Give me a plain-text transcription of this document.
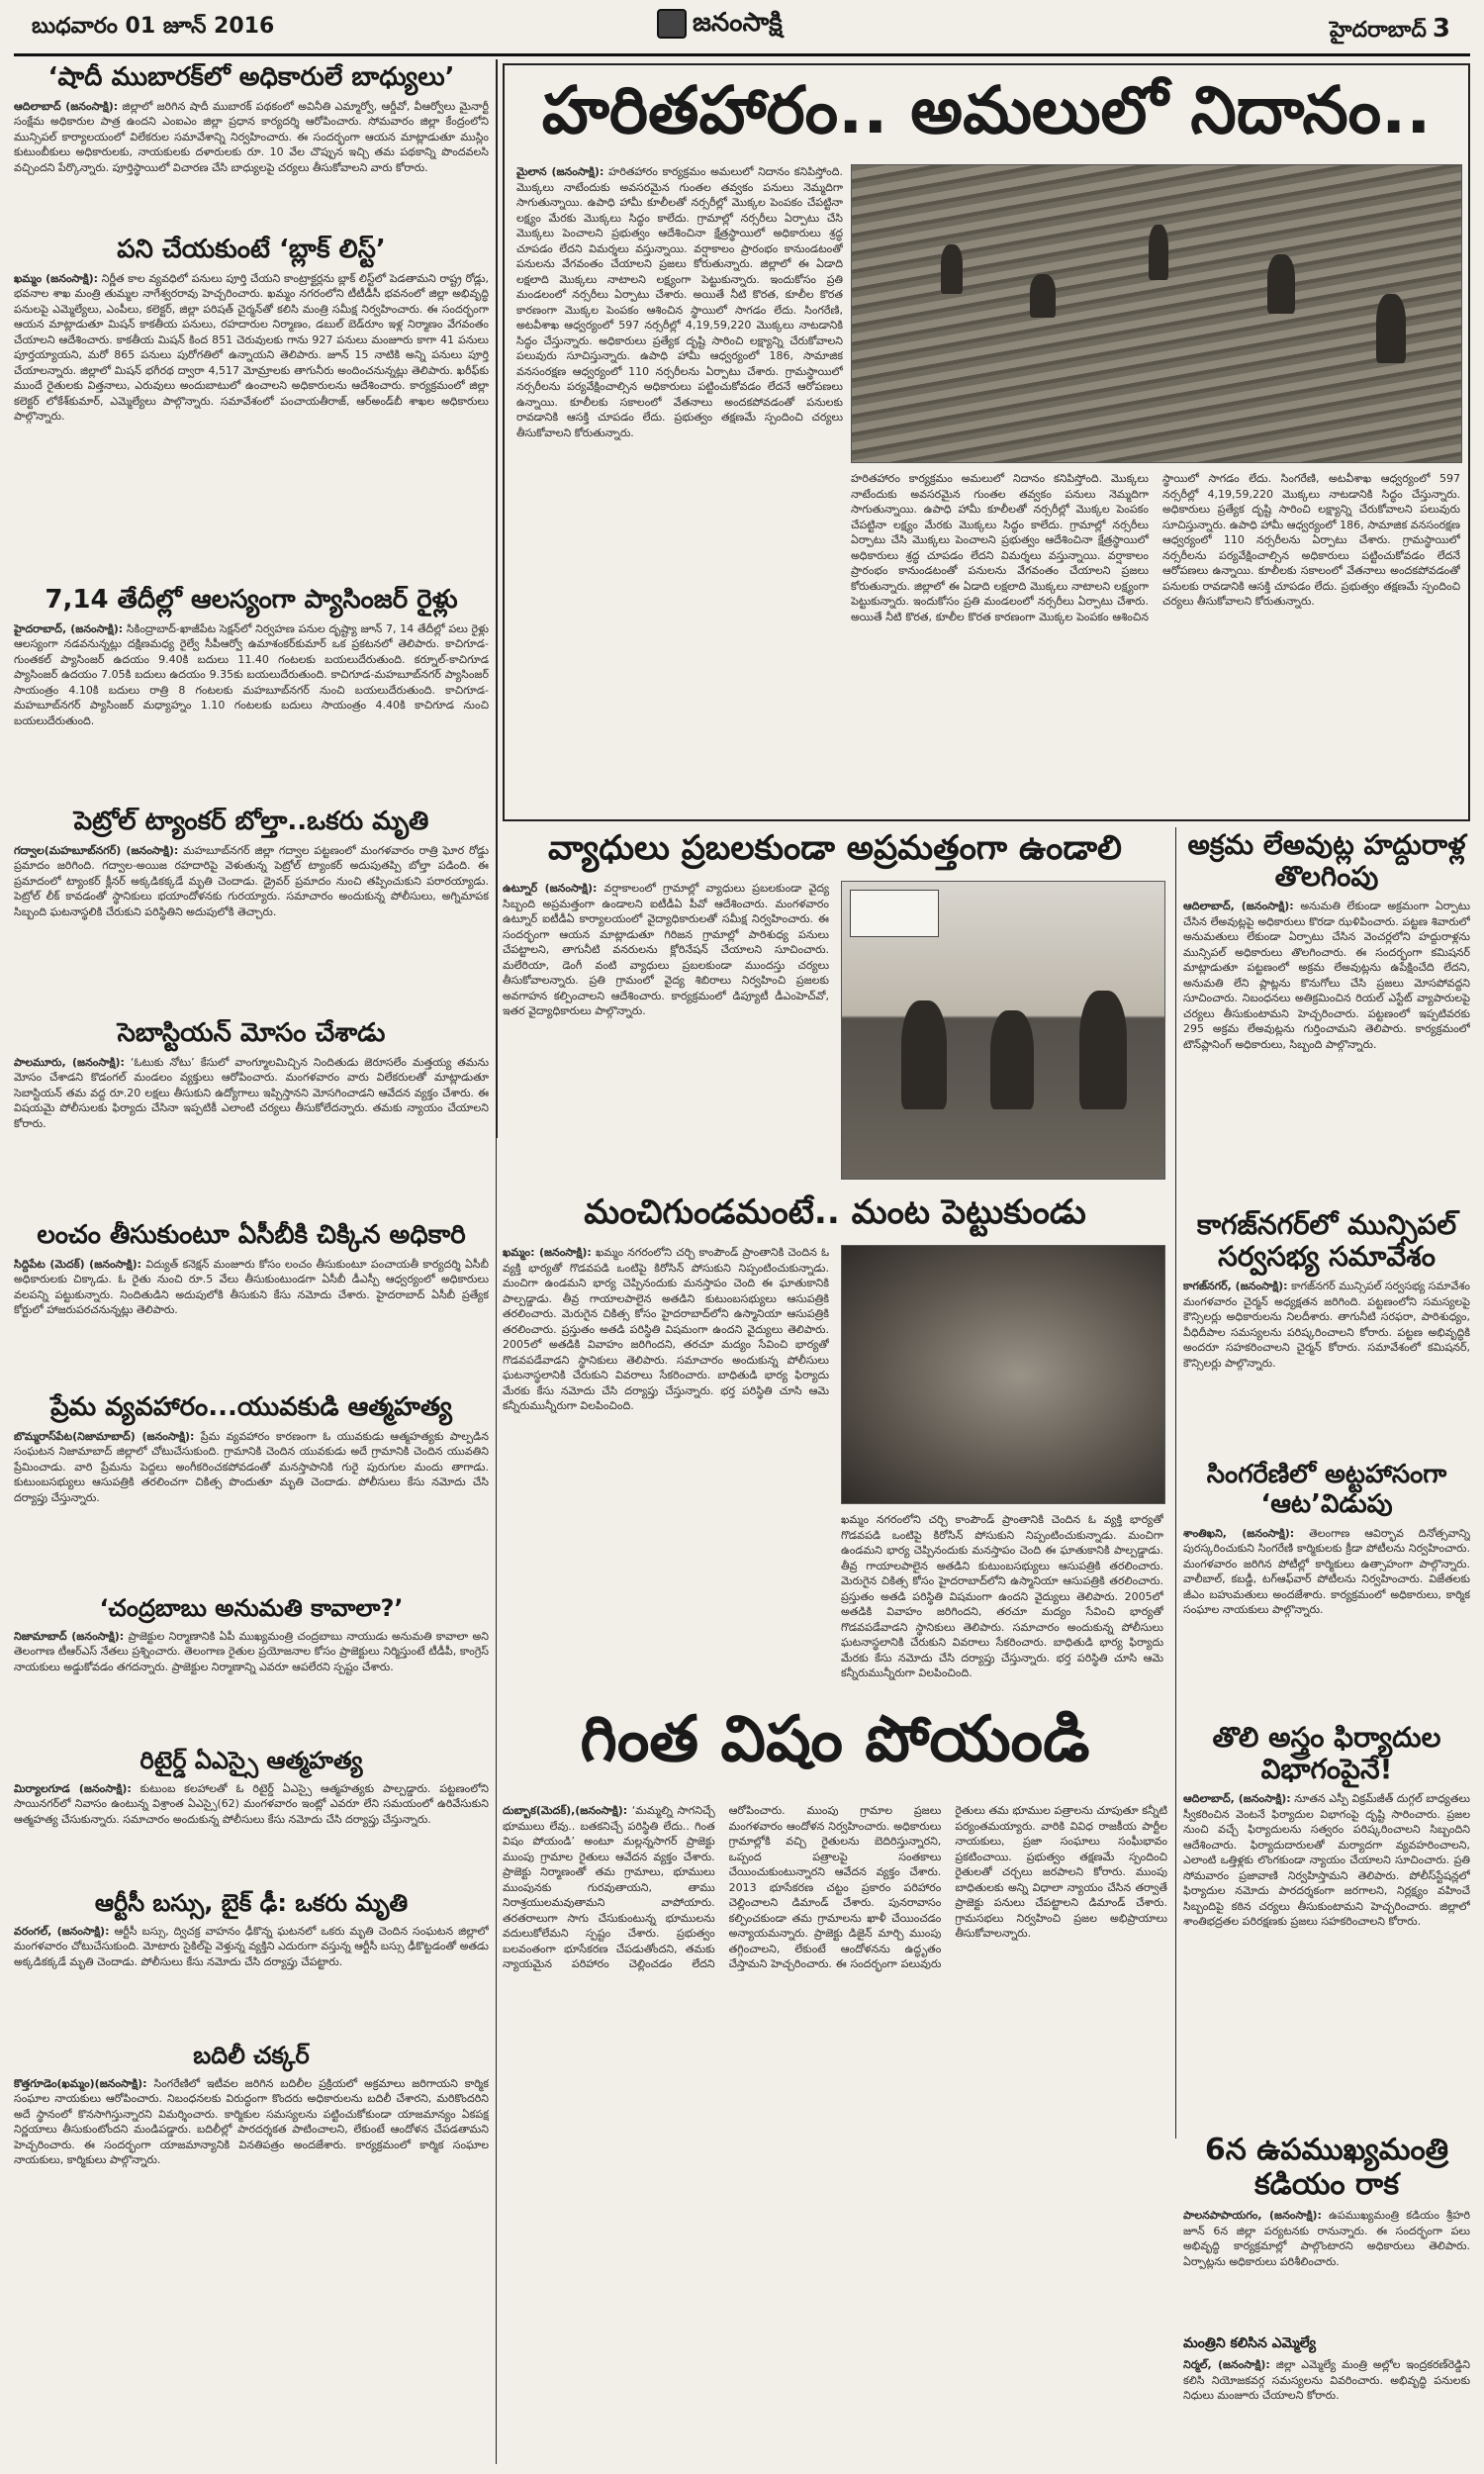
బుధవారం 01 జూన్ 2016	జనంసాక్షి	హైదరాబాద్ 3
‘షాదీ ముబారక్‌లో అధికారులే బాధ్యులు’
ఆదిలాబాద్‌ (జనంసాక్షి): జిల్లాలో జరిగిన షాదీ ముబారక్‌ పథకంలో అవినీతి ఎమ్మార్వో, ఆర్డీవో, వీఆర్వోలు మైనార్టీ సంక్షేమ అధికారుల పాత్ర ఉందని ఎంఐఎం జిల్లా ప్రధాన కార్యదర్శి ఆరోపించారు. సోమవారం జిల్లా కేంద్రంలోని మున్సిపల్‌ కార్యాలయంలో విలేకరుల సమావేశాన్ని నిర్వహించారు. ఈ సందర్భంగా ఆయన మాట్లాడుతూ ముస్లిం కుటుంబీకులు అధికారులకు, నాయకులకు దళారులకు రూ. 10 వేల చొప్పున ఇచ్చి తమ పథకాన్ని పొందవలసి వచ్చిందని పేర్కొన్నారు. పూర్తిస్థాయిలో విచారణ చేసి బాధ్యులపై చర్యలు తీసుకోవాలని వారు కోరారు.
పని చేయకుంటే ‘బ్లాక్‌ లిస్ట్‌’
ఖమ్మం (జనంసాక్షి): నిర్ణీత కాల వ్యవధిలో పనులు పూర్తి చేయని కాంట్రాక్టర్లను బ్లాక్‌ లిస్ట్‌లో పెడతామని రాష్ట్ర రోడ్లు, భవనాల శాఖ మంత్రి తుమ్మల నాగేశ్వరరావు హెచ్చరించారు. ఖమ్మం నగరంలోని టీటీడీసీ భవనంలో జిల్లా అభివృద్ధి పనులపై ఎమ్మెల్యేలు, ఎంపీలు, కలెక్టర్‌, జిల్లా పరిషత్‌ చైర్మన్‌తో కలిసి మంత్రి సమీక్ష నిర్వహించారు. ఈ సందర్భంగా ఆయన మాట్లాడుతూ మిషన్‌ కాకతీయ పనులు, రహదారుల నిర్మాణం, డబుల్‌ బెడ్‌రూం ఇళ్ల నిర్మాణం వేగవంతం చేయాలని ఆదేశించారు. కాకతీయ మిషన్‌ కింద 851 చెరువులకు గాను 927 పనులు మంజూరు కాగా 41 పనులు పూర్తయ్యాయని, మరో 865 పనులు పురోగతిలో ఉన్నాయని తెలిపారు. జూన్‌ 15 నాటికి అన్ని పనులు పూర్తి చేయాలన్నారు. జిల్లాలో మిషన్‌ భగీరథ ద్వారా 4,517 మోమ్రాలకు తాగునీరు అందించనున్నట్లు తెలిపారు. ఖరీఫ్‌కు ముందే రైతులకు విత్తనాలు, ఎరువులు అందుబాటులో ఉంచాలని అధికారులను ఆదేశించారు. కార్యక్రమంలో జిల్లా కలెక్టర్‌ లోకేశ్‌కుమార్‌, ఎమ్మెల్యేలు పాల్గొన్నారు. సమావేశంలో పంచాయతీరాజ్‌, ఆర్‌అండ్‌బీ శాఖల అధికారులు పాల్గొన్నారు.
7,14 తేదీల్లో ఆలస్యంగా ప్యాసింజర్‌ రైళ్లు
హైదరాబాద్‌, (జనంసాక్షి): సికింద్రాబాద్‌-ఖాజీపేట సెక్షన్‌లో నిర్వహణ పనుల దృష్ట్యా జూన్‌ 7, 14 తేదీల్లో పలు రైళ్లు ఆలస్యంగా నడవనున్నట్లు దక్షిణమధ్య రైల్వే సీపీఆర్వో ఉమాశంకర్‌కుమార్‌ ఒక ప్రకటనలో తెలిపారు. కాచిగూడ-గుంతకల్‌ ప్యాసింజర్‌ ఉదయం 9.40కి బదులు 11.40 గంటలకు బయలుదేరుతుంది. కర్నూల్‌-కాచిగూడ ప్యాసింజర్‌ ఉదయం 7.05కి బదులు ఉదయం 9.35కు బయలుదేరుతుంది. కాచిగూడ-మహబూబ్‌నగర్‌ ప్యాసింజర్‌ సాయంత్రం 4.10కి బదులు రాత్రి 8 గంటలకు మహబూబ్‌నగర్‌ నుంచి బయలుదేరుతుంది. కాచిగూడ-మహబూబ్‌నగర్‌ ప్యాసింజర్‌ మధ్యాహ్నం 1.10 గంటలకు బదులు సాయంత్రం 4.40కి కాచిగూడ నుంచి బయలుదేరుతుంది.
పెట్రోల్‌ ట్యాంకర్‌ బోల్తా..ఒకరు మృతి
గద్వాల(మహబూబ్‌నగర్‌) (జనంసాక్షి): మహబూబ్‌నగర్‌ జిల్లా గద్వాల పట్టణంలో మంగళవారం రాత్రి ఘోర రోడ్డు ప్రమాదం జరిగింది. గద్వాల-అయిజ రహదారిపై వెళుతున్న పెట్రోల్‌ ట్యాంకర్‌ అదుపుతప్పి బోల్తా పడింది. ఈ ప్రమాదంలో ట్యాంకర్‌ క్లీనర్‌ అక్కడికక్కడే మృతి చెందాడు. డ్రైవర్‌ ప్రమాదం నుంచి తప్పించుకుని పరారయ్యాడు. పెట్రోల్‌ లీక్‌ కావడంతో స్థానికులు భయాందోళనకు గురయ్యారు. సమాచారం అందుకున్న పోలీసులు, అగ్నిమాపక సిబ్బంది ఘటనాస్థలికి చేరుకుని పరిస్థితిని అదుపులోకి తెచ్చారు.
సెబాస్టియన్‌ మోసం చేశాడు
పాలమూరు, (జనంసాక్షి): ‘ఓటుకు నోటు’ కేసులో వాంగ్మూలమిచ్చిన నిందితుడు జెరూసలేం మత్తయ్య తమను మోసం చేశాడని కొడంగల్‌ మండలం వ్యక్తులు ఆరోపించారు. మంగళవారం వారు విలేకరులతో మాట్లాడుతూ సెబాస్టియన్‌ తమ వద్ద రూ.20 లక్షలు తీసుకుని ఉద్యోగాలు ఇప్పిస్తానని మోసగించాడని ఆవేదన వ్యక్తం చేశారు. ఈ విషయమై పోలీసులకు ఫిర్యాదు చేసినా ఇప్పటికీ ఎలాంటి చర్యలు తీసుకోలేదన్నారు. తమకు న్యాయం చేయాలని కోరారు.
లంచం తీసుకుంటూ ఏసీబీకి చిక్కిన అధికారి
సిద్దిపేట (మెదక్‌) (జనంసాక్షి): విద్యుత్‌ కనెక్షన్‌ మంజూరు కోసం లంచం తీసుకుంటూ పంచాయతీ కార్యదర్శి ఏసీబీ అధికారులకు చిక్కాడు. ఓ రైతు నుంచి రూ.5 వేలు తీసుకుంటుండగా ఏసీబీ డీఎస్పీ ఆధ్వర్యంలో అధికారులు వలపన్ని పట్టుకున్నారు. నిందితుడిని అదుపులోకి తీసుకుని కేసు నమోదు చేశారు. హైదరాబాద్‌ ఏసీబీ ప్రత్యేక కోర్టులో హాజరుపరచనున్నట్లు తెలిపారు.
ప్రేమ వ్యవహారం...యువకుడి ఆత్మహత్య
బొమ్మరాస్‌పేట(నిజామాబాద్‌) (జనంసాక్షి): ప్రేమ వ్యవహారం కారణంగా ఓ యువకుడు ఆత్మహత్యకు పాల్పడిన సంఘటన నిజామాబాద్‌ జిల్లాలో చోటుచేసుకుంది. గ్రామానికి చెందిన యువకుడు అదే గ్రామానికి చెందిన యువతిని ప్రేమించాడు. వారి ప్రేమను పెద్దలు అంగీకరించకపోవడంతో మనస్తాపానికి గురై పురుగుల మందు తాగాడు. కుటుంబసభ్యులు ఆసుపత్రికి తరలించగా చికిత్స పొందుతూ మృతి చెందాడు. పోలీసులు కేసు నమోదు చేసి దర్యాప్తు చేస్తున్నారు.
‘చంద్రబాబు అనుమతి కావాలా?’
నిజామాబాద్‌ (జనంసాక్షి): ప్రాజెక్టుల నిర్మాణానికి ఏపీ ముఖ్యమంత్రి చంద్రబాబు నాయుడు అనుమతి కావాలా అని తెలంగాణ టీఆర్‌ఎస్‌ నేతలు ప్రశ్నించారు. తెలంగాణ రైతుల ప్రయోజనాల కోసం ప్రాజెక్టులు నిర్మిస్తుంటే టీడీపీ, కాంగ్రెస్‌ నాయకులు అడ్డుకోవడం తగదన్నారు. ప్రాజెక్టుల నిర్మాణాన్ని ఎవరూ ఆపలేరని స్పష్టం చేశారు.
రిటైర్డ్‌ ఏఎస్సై ఆత్మహత్య
మిర్యాలగూడ (జనంసాక్షి): కుటుంబ కలహాలతో ఓ రిటైర్డ్‌ ఏఎస్సై ఆత్మహత్యకు పాల్పడ్డారు. పట్టణంలోని సాయినగర్‌లో నివాసం ఉంటున్న విశ్రాంత ఏఎస్సై(62) మంగళవారం ఇంట్లో ఎవరూ లేని సమయంలో ఉరివేసుకుని ఆత్మహత్య చేసుకున్నారు. సమాచారం అందుకున్న పోలీసులు కేసు నమోదు చేసి దర్యాప్తు చేస్తున్నారు.
ఆర్టీసీ బస్సు, బైక్‌ ఢీ: ఒకరు మృతి
వరంగల్‌, (జనంసాక్షి): ఆర్టీసీ బస్సు, ద్విచక్ర వాహనం ఢీకొన్న ఘటనలో ఒకరు మృతి చెందిన సంఘటన జిల్లాలో మంగళవారం చోటుచేసుకుంది. మోటారు సైకిల్‌పై వెళ్తున్న వ్యక్తిని ఎదురుగా వస్తున్న ఆర్టీసీ బస్సు ఢీకొట్టడంతో అతడు అక్కడికక్కడే మృతి చెందాడు. పోలీసులు కేసు నమోదు చేసి దర్యాప్తు చేపట్టారు.
బదిలీ చక్కర్‌
కొత్తగూడెం(ఖమ్మం)(జనంసాక్షి): సింగరేణిలో ఇటీవల జరిగిన బదిలీల ప్రక్రియలో అక్రమాలు జరిగాయని కార్మిక సంఘాల నాయకులు ఆరోపించారు. నిబంధనలకు విరుద్ధంగా కొందరు అధికారులను బదిలీ చేశారని, మరికొందరిని అదే స్థానంలో కొనసాగిస్తున్నారని విమర్శించారు. కార్మికుల సమస్యలను పట్టించుకోకుండా యాజమాన్యం ఏకపక్ష నిర్ణయాలు తీసుకుంటోందని మండిపడ్డారు. బదిలీల్లో పారదర్శకత పాటించాలని, లేకుంటే ఆందోళన చేపడతామని హెచ్చరించారు. ఈ సందర్భంగా యాజమాన్యానికి వినతిపత్రం అందజేశారు. కార్యక్రమంలో కార్మిక సంఘాల నాయకులు, కార్మికులు పాల్గొన్నారు.
హరితహారం.. అమలులో నిదానం..
మైలాన (జనంసాక్షి): హరితహారం కార్యక్రమం అమలులో నిదానం కనిపిస్తోంది. మొక్కలు నాటేందుకు అవసరమైన గుంతల తవ్వకం పనులు నెమ్మదిగా సాగుతున్నాయి. ఉపాధి హామీ కూలీలతో నర్సరీల్లో మొక్కల పెంపకం చేపట్టినా లక్ష్యం మేరకు మొక్కలు సిద్ధం కాలేదు. గ్రామాల్లో నర్సరీలు ఏర్పాటు చేసి మొక్కలు పెంచాలని ప్రభుత్వం ఆదేశించినా క్షేత్రస్థాయిలో అధికారులు శ్రద్ధ చూపడం లేదని విమర్శలు వస్తున్నాయి. వర్షాకాలం ప్రారంభం కానుండటంతో పనులను వేగవంతం చేయాలని ప్రజలు కోరుతున్నారు. జిల్లాలో ఈ ఏడాది లక్షలాది మొక్కలు నాటాలని లక్ష్యంగా పెట్టుకున్నారు. ఇందుకోసం ప్రతి మండలంలో నర్సరీలు ఏర్పాటు చేశారు. అయితే నీటి కొరత, కూలీల కొరత కారణంగా మొక్కల పెంపకం ఆశించిన స్థాయిలో సాగడం లేదు. సింగరేణి, అటవీశాఖ ఆధ్వర్యంలో 597 నర్సరీల్లో 4,19,59,220 మొక్కలు నాటడానికి సిద్ధం చేస్తున్నారు. అధికారులు ప్రత్యేక దృష్టి సారించి లక్ష్యాన్ని చేరుకోవాలని పలువురు సూచిస్తున్నారు. ఉపాధి హామీ ఆధ్వర్యంలో 186, సామాజిక వనసంరక్షణ ఆధ్వర్యంలో 110 నర్సరీలను ఏర్పాటు చేశారు. గ్రామస్థాయిలో నర్సరీలను పర్యవేక్షించాల్సిన అధికారులు పట్టించుకోవడం లేదనే ఆరోపణలు ఉన్నాయి. కూలీలకు సకాలంలో వేతనాలు అందకపోవడంతో పనులకు రావడానికి ఆసక్తి చూపడం లేదు. ప్రభుత్వం తక్షణమే స్పందించి చర్యలు తీసుకోవాలని కోరుతున్నారు.
హరితహారం కార్యక్రమం అమలులో నిదానం కనిపిస్తోంది. మొక్కలు నాటేందుకు అవసరమైన గుంతల తవ్వకం పనులు నెమ్మదిగా సాగుతున్నాయి. ఉపాధి హామీ కూలీలతో నర్సరీల్లో మొక్కల పెంపకం చేపట్టినా లక్ష్యం మేరకు మొక్కలు సిద్ధం కాలేదు. గ్రామాల్లో నర్సరీలు ఏర్పాటు చేసి మొక్కలు పెంచాలని ప్రభుత్వం ఆదేశించినా క్షేత్రస్థాయిలో అధికారులు శ్రద్ధ చూపడం లేదని విమర్శలు వస్తున్నాయి. వర్షాకాలం ప్రారంభం కానుండటంతో పనులను వేగవంతం చేయాలని ప్రజలు కోరుతున్నారు. జిల్లాలో ఈ ఏడాది లక్షలాది మొక్కలు నాటాలని లక్ష్యంగా పెట్టుకున్నారు. ఇందుకోసం ప్రతి మండలంలో నర్సరీలు ఏర్పాటు చేశారు. అయితే నీటి కొరత, కూలీల కొరత కారణంగా మొక్కల పెంపకం ఆశించిన స్థాయిలో సాగడం లేదు. సింగరేణి, అటవీశాఖ ఆధ్వర్యంలో 597 నర్సరీల్లో 4,19,59,220 మొక్కలు నాటడానికి సిద్ధం చేస్తున్నారు. అధికారులు ప్రత్యేక దృష్టి సారించి లక్ష్యాన్ని చేరుకోవాలని పలువురు సూచిస్తున్నారు. ఉపాధి హామీ ఆధ్వర్యంలో 186, సామాజిక వనసంరక్షణ ఆధ్వర్యంలో 110 నర్సరీలను ఏర్పాటు చేశారు. గ్రామస్థాయిలో నర్సరీలను పర్యవేక్షించాల్సిన అధికారులు పట్టించుకోవడం లేదనే ఆరోపణలు ఉన్నాయి. కూలీలకు సకాలంలో వేతనాలు అందకపోవడంతో పనులకు రావడానికి ఆసక్తి చూపడం లేదు. ప్రభుత్వం తక్షణమే స్పందించి చర్యలు తీసుకోవాలని కోరుతున్నారు.
వ్యాధులు ప్రబలకుండా అప్రమత్తంగా ఉండాలి
ఉట్నూర్‌ (జనంసాక్షి): వర్షాకాలంలో గ్రామాల్లో వ్యాధులు ప్రబలకుండా వైద్య సిబ్బంది అప్రమత్తంగా ఉండాలని ఐటీడీఏ పీవో ఆదేశించారు. మంగళవారం ఉట్నూర్‌ ఐటీడీఏ కార్యాలయంలో వైద్యాధికారులతో సమీక్ష నిర్వహించారు. ఈ సందర్భంగా ఆయన మాట్లాడుతూ గిరిజన గ్రామాల్లో పారిశుధ్య పనులు చేపట్టాలని, తాగునీటి వనరులను క్లోరినేషన్‌ చేయాలని సూచించారు. మలేరియా, డెంగీ వంటి వ్యాధులు ప్రబలకుండా ముందస్తు చర్యలు తీసుకోవాలన్నారు. ప్రతి గ్రామంలో వైద్య శిబిరాలు నిర్వహించి ప్రజలకు అవగాహన కల్పించాలని ఆదేశించారు. కార్యక్రమంలో డిప్యూటీ డీఎంహెచ్‌వో, ఇతర వైద్యాధికారులు పాల్గొన్నారు.
మంచిగుండమంటే.. మంట పెట్టుకుండు
ఖమ్మం: (జనంసాక్షి): ఖమ్మం నగరంలోని చర్చి కాంపౌండ్‌ ప్రాంతానికి చెందిన ఓ వ్యక్తి భార్యతో గొడవపడి ఒంటిపై కిరోసిన్‌ పోసుకుని నిప్పంటించుకున్నాడు. మంచిగా ఉండమని భార్య చెప్పినందుకు మనస్తాపం చెంది ఈ ఘాతుకానికి పాల్పడ్డాడు. తీవ్ర గాయాలపాలైన అతడిని కుటుంబసభ్యులు ఆసుపత్రికి తరలించారు. మెరుగైన చికిత్స కోసం హైదరాబాద్‌లోని ఉస్మానియా ఆసుపత్రికి తరలించారు. ప్రస్తుతం అతడి పరిస్థితి విషమంగా ఉందని వైద్యులు తెలిపారు. 2005లో అతడికి వివాహం జరిగిందని, తరచూ మద్యం సేవించి భార్యతో గొడవపడేవాడని స్థానికులు తెలిపారు. సమాచారం అందుకున్న పోలీసులు ఘటనాస్థలానికి చేరుకుని వివరాలు సేకరించారు. బాధితుడి భార్య ఫిర్యాదు మేరకు కేసు నమోదు చేసి దర్యాప్తు చేస్తున్నారు. భర్త పరిస్థితి చూసి ఆమె కన్నీరుమున్నీరుగా విలపించింది.
ఖమ్మం నగరంలోని చర్చి కాంపౌండ్‌ ప్రాంతానికి చెందిన ఓ వ్యక్తి భార్యతో గొడవపడి ఒంటిపై కిరోసిన్‌ పోసుకుని నిప్పంటించుకున్నాడు. మంచిగా ఉండమని భార్య చెప్పినందుకు మనస్తాపం చెంది ఈ ఘాతుకానికి పాల్పడ్డాడు. తీవ్ర గాయాలపాలైన అతడిని కుటుంబసభ్యులు ఆసుపత్రికి తరలించారు. మెరుగైన చికిత్స కోసం హైదరాబాద్‌లోని ఉస్మానియా ఆసుపత్రికి తరలించారు. ప్రస్తుతం అతడి పరిస్థితి విషమంగా ఉందని వైద్యులు తెలిపారు. 2005లో అతడికి వివాహం జరిగిందని, తరచూ మద్యం సేవించి భార్యతో గొడవపడేవాడని స్థానికులు తెలిపారు. సమాచారం అందుకున్న పోలీసులు ఘటనాస్థలానికి చేరుకుని వివరాలు సేకరించారు. బాధితుడి భార్య ఫిర్యాదు మేరకు కేసు నమోదు చేసి దర్యాప్తు చేస్తున్నారు. భర్త పరిస్థితి చూసి ఆమె కన్నీరుమున్నీరుగా విలపించింది.
గింత విషం పోయండి
దుబ్బాక(మెదక్‌),(జనంసాక్షి): ‘మమ్మల్ని సాగనిచ్చే భూములు లేవు.. బతకనిచ్చే పరిస్థితి లేదు.. గింత విషం పోయండి’ అంటూ మల్లన్నసాగర్‌ ప్రాజెక్టు ముంపు గ్రామాల రైతులు ఆవేదన వ్యక్తం చేశారు. ప్రాజెక్టు నిర్మాణంతో తమ గ్రామాలు, భూములు ముంపునకు గురవుతాయని, తాము నిరాశ్రయులమవుతామని వాపోయారు. తరతరాలుగా సాగు చేసుకుంటున్న భూములను వదులుకోలేమని స్పష్టం చేశారు. ప్రభుత్వం బలవంతంగా భూసేకరణ చేపడుతోందని, తమకు న్యాయమైన పరిహారం చెల్లించడం లేదని ఆరోపించారు. ముంపు గ్రామాల ప్రజలు మంగళవారం ఆందోళన నిర్వహించారు. అధికారులు గ్రామాల్లోకి వచ్చి రైతులను బెదిరిస్తున్నారని, ఒప్పంద పత్రాలపై సంతకాలు చేయించుకుంటున్నారని ఆవేదన వ్యక్తం చేశారు. 2013 భూసేకరణ చట్టం ప్రకారం పరిహారం చెల్లించాలని డిమాండ్‌ చేశారు. పునరావాసం కల్పించకుండా తమ గ్రామాలను ఖాళీ చేయించడం అన్యాయమన్నారు. ప్రాజెక్టు డిజైన్‌ మార్చి ముంపు తగ్గించాలని, లేకుంటే ఆందోళనను ఉద్ధృతం చేస్తామని హెచ్చరించారు. ఈ సందర్భంగా పలువురు రైతులు తమ భూముల పత్రాలను చూపుతూ కన్నీటి పర్యంతమయ్యారు. వారికి వివిధ రాజకీయ పార్టీల నాయకులు, ప్రజా సంఘాలు సంఘీభావం ప్రకటించాయి. ప్రభుత్వం తక్షణమే స్పందించి రైతులతో చర్చలు జరపాలని కోరారు. ముంపు బాధితులకు అన్ని విధాలా న్యాయం చేసిన తర్వాతే ప్రాజెక్టు పనులు చేపట్టాలని డిమాండ్‌ చేశారు. గ్రామసభలు నిర్వహించి ప్రజల అభిప్రాయాలు తీసుకోవాలన్నారు.
అక్రమ లేఅవుట్ల హద్దురాళ్ల తొలగింపు
ఆదిలాబాద్‌, (జనంసాక్షి): అనుమతి లేకుండా అక్రమంగా ఏర్పాటు చేసిన లేఅవుట్లపై అధికారులు కొరడా ఝళిపించారు. పట్టణ శివారులో అనుమతులు లేకుండా ఏర్పాటు చేసిన వెంచర్లలోని హద్దురాళ్లను మున్సిపల్‌ అధికారులు తొలగించారు. ఈ సందర్భంగా కమిషనర్‌ మాట్లాడుతూ పట్టణంలో అక్రమ లేఅవుట్లను ఉపేక్షించేది లేదని, అనుమతి లేని ప్లాట్లను కొనుగోలు చేసి ప్రజలు మోసపోవద్దని సూచించారు. నిబంధనలు అతిక్రమించిన రియల్‌ ఎస్టేట్‌ వ్యాపారులపై చర్యలు తీసుకుంటామని హెచ్చరించారు. పట్టణంలో ఇప్పటివరకు 295 అక్రమ లేఅవుట్లను గుర్తించామని తెలిపారు. కార్యక్రమంలో టౌన్‌ప్లానింగ్‌ అధికారులు, సిబ్బంది పాల్గొన్నారు.
కాగజ్‌నగర్‌లో మున్సిపల్‌ సర్వసభ్య సమావేశం
కాగజ్‌నగర్‌, (జనంసాక్షి): కాగజ్‌నగర్‌ మున్సిపల్‌ సర్వసభ్య సమావేశం మంగళవారం చైర్మన్‌ అధ్యక్షతన జరిగింది. పట్టణంలోని సమస్యలపై కౌన్సిలర్లు అధికారులను నిలదీశారు. తాగునీటి సరఫరా, పారిశుధ్యం, వీధిదీపాల సమస్యలను పరిష్కరించాలని కోరారు. పట్టణ అభివృద్ధికి అందరూ సహకరించాలని చైర్మన్‌ కోరారు. సమావేశంలో కమిషనర్‌, కౌన్సిలర్లు పాల్గొన్నారు.
సింగరేణిలో అట్టహాసంగా ‘ఆట’విడుపు
శాంతిఖని, (జనంసాక్షి): తెలంగాణ ఆవిర్భావ దినోత్సవాన్ని పురస్కరించుకుని సింగరేణి కార్మికులకు క్రీడా పోటీలను నిర్వహించారు. మంగళవారం జరిగిన పోటీల్లో కార్మికులు ఉత్సాహంగా పాల్గొన్నారు. వాలీబాల్‌, కబడ్డీ, టగ్‌ఆఫ్‌వార్‌ పోటీలను నిర్వహించారు. విజేతలకు జీఎం బహుమతులు అందజేశారు. కార్యక్రమంలో అధికారులు, కార్మిక సంఘాల నాయకులు పాల్గొన్నారు.
తొలి అస్త్రం ఫిర్యాదుల విభాగంపైనే!
ఆదిలాబాద్‌, (జనంసాక్షి): నూతన ఎస్పీ విక్రమ్‌జీత్‌ దుగ్గల్‌ బాధ్యతలు స్వీకరించిన వెంటనే ఫిర్యాదుల విభాగంపై దృష్టి సారించారు. ప్రజల నుంచి వచ్చే ఫిర్యాదులను సత్వరం పరిష్కరించాలని సిబ్బందిని ఆదేశించారు. ఫిర్యాదుదారులతో మర్యాదగా వ్యవహరించాలని, ఎలాంటి ఒత్తిళ్లకు లొంగకుండా న్యాయం చేయాలని సూచించారు. ప్రతి సోమవారం ప్రజావాణి నిర్వహిస్తామని తెలిపారు. పోలీస్‌స్టేషన్లలో ఫిర్యాదుల నమోదు పారదర్శకంగా జరగాలని, నిర్లక్ష్యం వహించే సిబ్బందిపై కఠిన చర్యలు తీసుకుంటామని హెచ్చరించారు. జిల్లాలో శాంతిభద్రతల పరిరక్షణకు ప్రజలు సహకరించాలని కోరారు.
6న ఉపముఖ్యమంత్రి కడియం రాక
పాలనపాపాయగం, (జనంసాక్షి): ఉపముఖ్యమంత్రి కడియం శ్రీహరి జూన్‌ 6న జిల్లా పర్యటనకు రానున్నారు. ఈ సందర్భంగా పలు అభివృద్ధి కార్యక్రమాల్లో పాల్గొంటారని అధికారులు తెలిపారు. ఏర్పాట్లను అధికారులు పరిశీలించారు.
మంత్రిని కలిసిన ఎమ్మెల్యే
నిర్మల్‌, (జనంసాక్షి): జిల్లా ఎమ్మెల్యే మంత్రి అల్లోల ఇంద్రకరణ్‌రెడ్డిని కలిసి నియోజకవర్గ సమస్యలను వివరించారు. అభివృద్ధి పనులకు నిధులు మంజూరు చేయాలని కోరారు.
